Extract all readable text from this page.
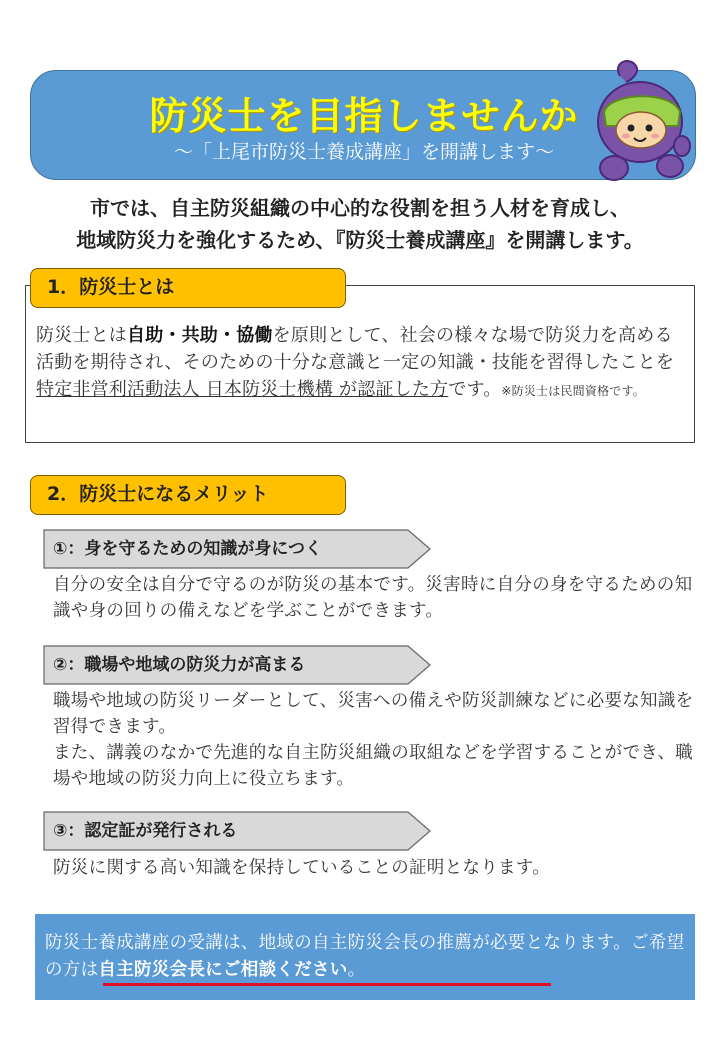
防災士を目指しませんか
～「上尾市防災士養成講座」を開講します～
市では、自主防災組織の中心的な役割を担う人材を育成し、
地域防災力を強化するため、『防災士養成講座』を開講します。
1．防災士とは
防災士とは自助・共助・協働を原則として、社会の様々な場で防災力を高める活動を期待され、そのための十分な意識と一定の知識・技能を習得したことを 特定非営利活動法人 日本防災士機構 が認証した方です。※防災士は民間資格です。
2．防災士になるメリット
①：身を守るための知識が身につく
自分の安全は自分で守るのが防災の基本です。災害時に自分の身を守るための知識や身の回りの備えなどを学ぶことができます。
②：職場や地域の防災力が高まる
職場や地域の防災リーダーとして、災害への備えや防災訓練などに必要な知識を習得できます。
また、講義のなかで先進的な自主防災組織の取組などを学習することができ、職場や地域の防災力向上に役立ちます。
③：認定証が発行される
防災に関する高い知識を保持していることの証明となります。
防災士養成講座の受講は、地域の自主防災会長の推薦が必要となります。ご希望の方は自主防災会長にご相談ください。
